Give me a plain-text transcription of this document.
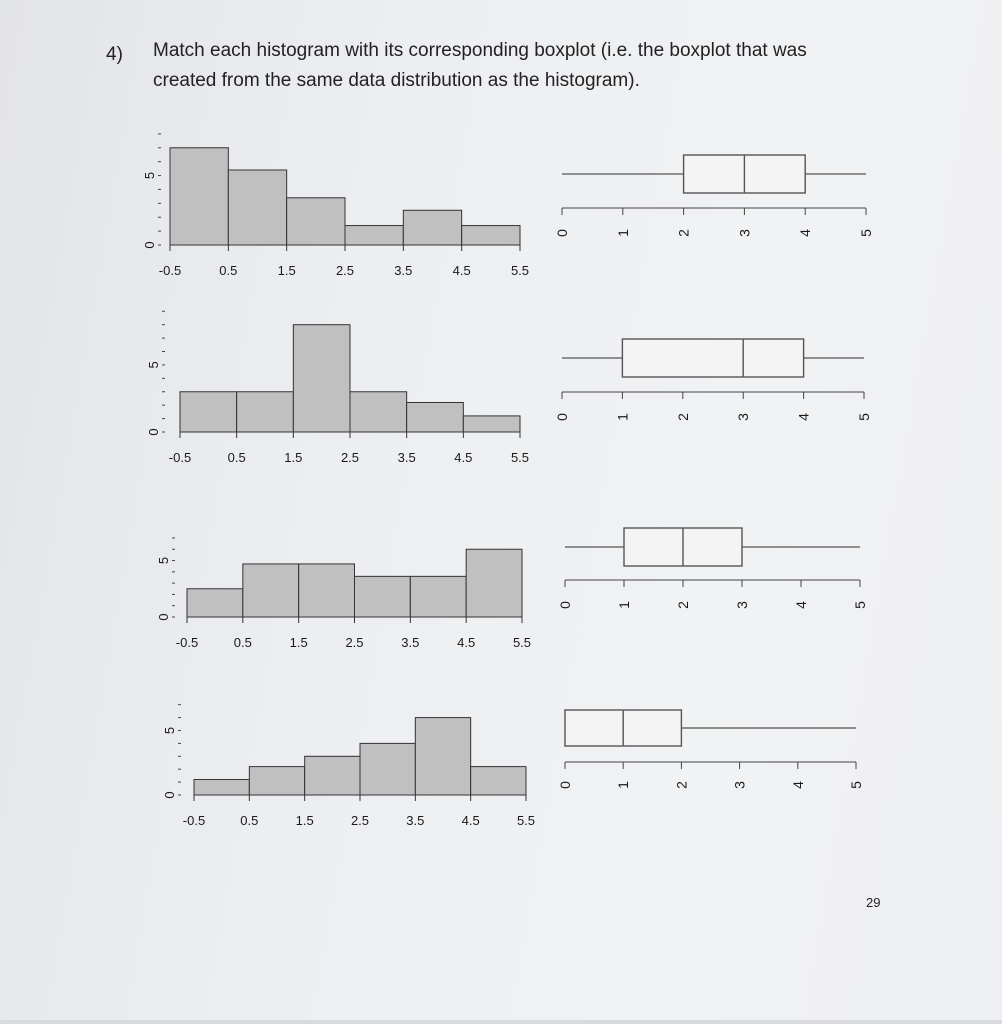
4) Match each histogram with its corresponding boxplot (i.e. the boxplot that was created from the same data distribution as the histogram).
-0.5	0.5	1.5	2.5	3.5	4.5	5.5
0
5
0	1	2	3	4	5
-0.5	0.5	1.5	2.5	3.5	4.5	5.5
0
5
0	1	2	3	4	5
-0.5	0.5	1.5	2.5	3.5	4.5	5.5
0
5
0	1	2	3	4	5
-0.5	0.5	1.5	2.5	3.5	4.5	5.5
0
5
0	1	2	3	4	5
29
